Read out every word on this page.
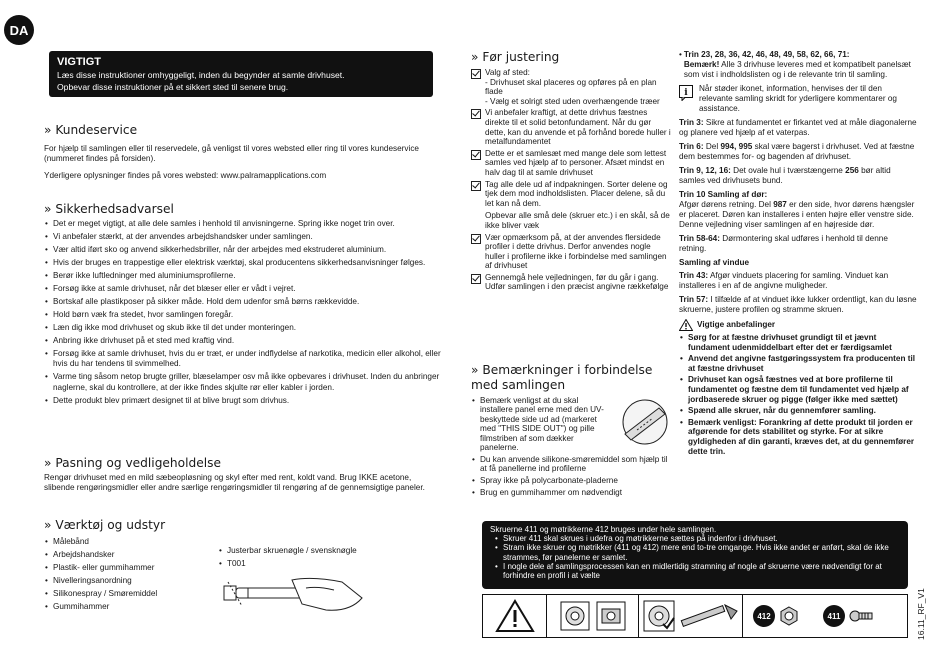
DA
VIGTIGT
Læs disse instruktioner omhyggeligt, inden du begynder at samle drivhuset.
Opbevar disse instruktioner på et sikkert sted til senere brug.
» Kundeservice

For hjælp til samlingen eller til reservedele, gå venligst til vores websted eller ring til vores kundeservice (nummeret findes på forsiden).

Yderligere oplysninger findes på vores websted: www.palramapplications.com

» Sikkerhedsadvarsel
• Det er meget vigtigt, at alle dele samles i henhold til anvisningerne. Spring ikke noget trin over.
• Vi anbefaler stærkt, at der anvendes arbejdshandsker under samlingen.
• Vær altid iført sko og anvend sikkerhedsbriller, når der arbejdes med ekstruderet aluminium.
• Hvis der bruges en trappestige eller elektrisk værktøj, skal producentens sikkerhedsanvisninger følges.
• Berør ikke luftledninger med aluminiumsprofilerne.
• Forsøg ikke at samle drivhuset, når det blæser eller er vådt i vejret.
• Bortskaf alle plastikposer på sikker måde. Hold dem udenfor små børns rækkevidde.
• Hold børn væk fra stedet, hvor samlingen foregår.
• Læn dig ikke mod drivhuset og skub ikke til det under monteringen.
• Anbring ikke drivhuset på et sted med kraftig vind.
• Forsøg ikke at samle drivhuset, hvis du er træt, er under indflydelse af narkotika, medicin eller alkohol, eller hvis du har tendens til svimmelhed.
• Varme ting såsom netop brugte griller, blæselamper osv må ikke opbevares i drivhuset. Inden du anbringer naglerne, skal du kontrollere, at der ikke findes skjulte rør eller kabler i jorden.
• Dette produkt blev primært designet til at blive brugt som drivhus.
» Pasning og vedligeholdelse

Rengør drivhuset med en mild sæbeopløsning og skyl efter med rent, koldt vand. Brug IKKE acetone, slibende rengøringsmidler eller andre særlige rengøringsmidler til rengøring af de gennemsigtige paneler.

» Værktøj og udstyr
• Målebånd
• Arbejdshandsker
• Plastik- eller gummihammer
• Nivelleringsanordning
• Silikonespray / Smøremiddel
• Gummihammer
• Justerbar skruenøgle / svensknøgle
• T001
» Før justering
Valg af sted:
- Drivhuset skal placeres og opføres på en plan flade
- Vælg et solrigt sted uden overhængende træer
Vi anbefaler kraftigt, at dette drivhus fæstnes direkte til et solid betonfundament. Når du gør dette, kan du anvende et på forhånd borede huller i metalfundamentet
Dette er et samlesæt med mange dele som lettest samles ved hjælp af to personer. Afsæt mindst en halv dag til at samle drivhuset
Tag alle dele ud af indpakningen. Sorter delene og tjek dem mod indholdslisten. Placer delene, så du let kan nå dem.
Opbevar alle små dele (skruer etc.) i en skål, så de ikke bliver væk
Vær opmærksom på, at der anvendes flersidede profiler i dette drivhus. Derfor anvendes nogle huller i profilerne ikke i forbindelse med samlingen af drivhuset
Gennemgå hele vejledningen, før du går i gang. Udfør samlingen i den præcist angivne rækkefølge
» Bemærkninger i forbindelse med samlingen
• Bemærk venligst at du skal installere panel erne med den UV-beskyttede side ud ad (markeret med "THIS SIDE OUT") og pille filmstriben af som dækker panelerne.
• Du kan anvende silikone-smøremiddel som hjælp til at få panellerne ind profilerne
• Spray ikke på polycarbonate-pladerne
• Brug en gummihammer om nødvendigt
• Trin 23, 28, 36, 42, 46, 48, 49, 58, 62, 66, 71:
Bemærk! Alle 3 drivhuse leveres med et kompatibelt panelsæt som vist i indholdslisten og i de relevante trin til samling.

i Når støder ikonet, information, henvises der til den relevante samling skridt for yderligere kommentarer og assistance.

Trin 3: Sikre at fundamentet er firkantet ved at måle diagonalerne og planere ved hjælp af et vaterpas.

Trin 6: Del 994, 995 skal være bagerst i drivhuset. Ved at fæstne dem bestemmes for- og bagenden af drivhuset.

Trin 9, 12, 16: Det ovale hul i tværstængerne 256 bør altid samles ved drivhusets bund.

Trin 10 Samling af dør:
Afgør dørens retning. Del 987 er den side, hvor dørens hængsler er placeret. Døren kan installeres i enten højre eller venstre side. Denne vejledning viser samlingen af en højreside dør.

Trin 58-64: Dørmontering skal udføres i henhold til denne retning.

Samling af vindue

Trin 43: Afgør vinduets placering for samling. Vinduet kan installeres i en af de angivne muligheder.

Trin 57: I tilfælde af at vinduet ikke lukker ordentligt, kan du løsne skruerne, justere profilen og stramme skruen.

Vigtige anbefalinger
• Sørg for at fæstne drivhuset grundigt til et jævnt fundament udenmiddelbart efter det er færdigsamlet
• Anvend det angivne fastgøringssystem fra producenten til at fæstne drivhuset
• Drivhuset kan også fæstnes ved at bore profilerne til fundamentet og fæstne dem til fundamentet ved hjælp af jordbaserede skruer og pigge (følger ikke med sættet)
• Spænd alle skruer, når du gennemfører samling.
• Bemærk venligst: Forankring af dette produkt til jorden er afgørende for dets stabilitet og styrke. For at sikre gyldigheden af din garanti, kræves det, at du gennemfører dette trin.

Skruerne 411 og møtrikkerne 412 bruges under hele samlingen.

• Skruer 411 skal skrues i udefra og møtrikkerne sættes på indenfor i drivhuset.
• Stram ikke skruer og møtrikker (411 og 412) mere end to-tre omgange. Hvis ikke andet er anført, skal de ikke strammes, før panelerne er samlet.
• I nogle dele af samlingsprocessen kan en midlertidig stramning af nogle af skruerne være nødvendigt for at forhindre en profil i at vælte
412	411	16.11_RF_V1
